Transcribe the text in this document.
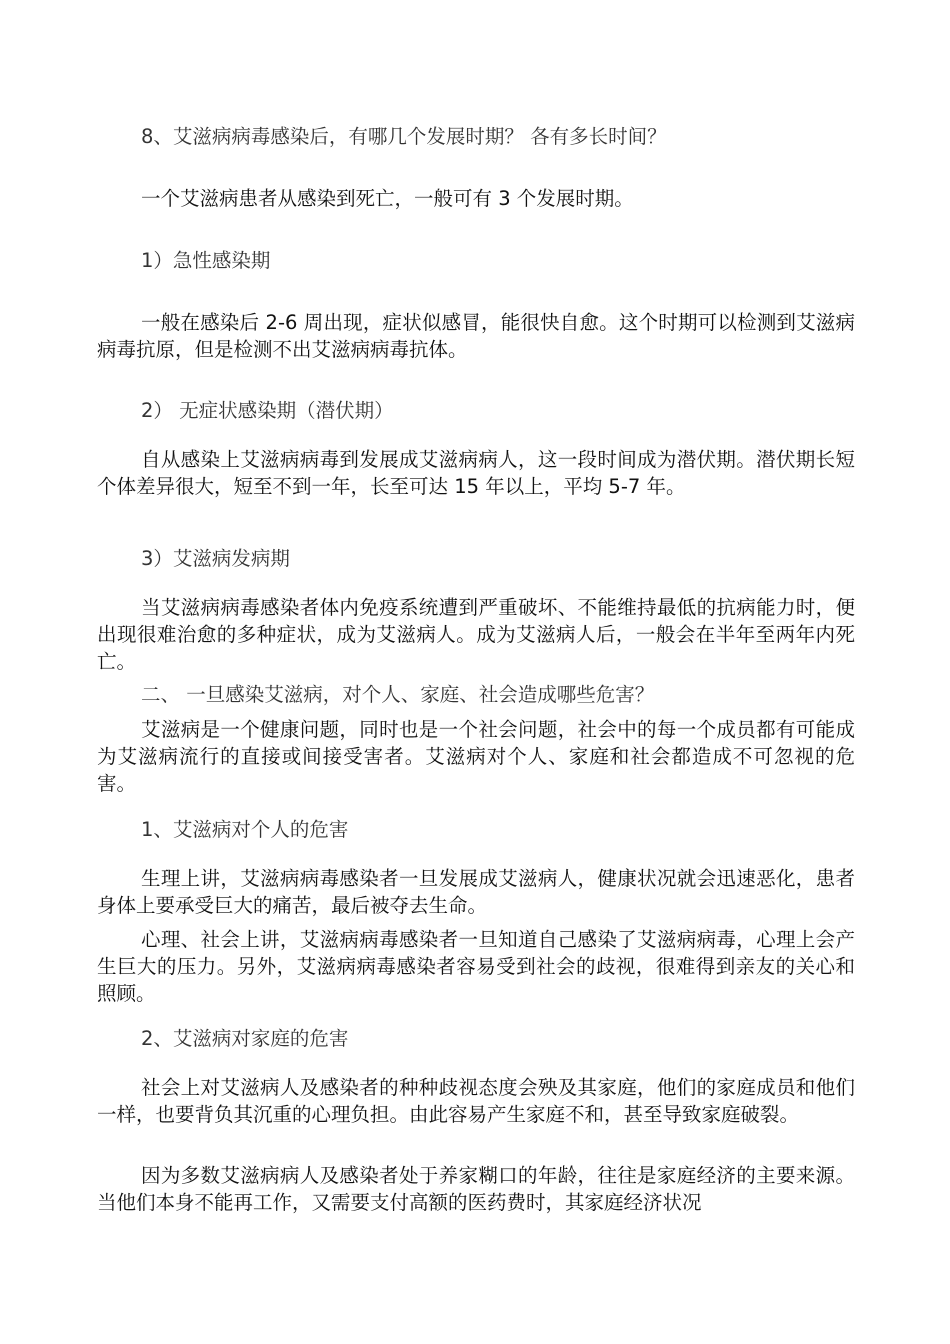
8、艾滋病病毒感染后，有哪几个发展时期？ 各有多长时间？
一个艾滋病患者从感染到死亡，一般可有 3 个发展时期。
1）急性感染期
一般在感染后 2-6 周出现，症状似感冒，能很快自愈。这个时期可以检测到艾滋病病毒抗原，但是检测不出艾滋病病毒抗体。
2） 无症状感染期（潜伏期）
自从感染上艾滋病病毒到发展成艾滋病病人，这一段时间成为潜伏期。潜伏期长短个体差异很大，短至不到一年，长至可达 15 年以上，平均 5-7 年。
3）艾滋病发病期
当艾滋病病毒感染者体内免疫系统遭到严重破坏、不能维持最低的抗病能力时，便出现很难治愈的多种症状，成为艾滋病人。成为艾滋病人后，一般会在半年至两年内死亡。
二、 一旦感染艾滋病，对个人、家庭、社会造成哪些危害？
艾滋病是一个健康问题，同时也是一个社会问题，社会中的每一个成员都有可能成为艾滋病流行的直接或间接受害者。艾滋病对个人、家庭和社会都造成不可忽视的危害。
1、艾滋病对个人的危害
生理上讲，艾滋病病毒感染者一旦发展成艾滋病人，健康状况就会迅速恶化，患者身体上要承受巨大的痛苦，最后被夺去生命。
心理、社会上讲，艾滋病病毒感染者一旦知道自己感染了艾滋病病毒，心理上会产生巨大的压力。另外，艾滋病病毒感染者容易受到社会的歧视，很难得到亲友的关心和照顾。
2、艾滋病对家庭的危害
社会上对艾滋病人及感染者的种种歧视态度会殃及其家庭，他们的家庭成员和他们一样，也要背负其沉重的心理负担。由此容易产生家庭不和，甚至导致家庭破裂。
因为多数艾滋病病人及感染者处于养家糊口的年龄，往往是家庭经济的主要来源。当他们本身不能再工作，又需要支付高额的医药费时，其家庭经济状况
